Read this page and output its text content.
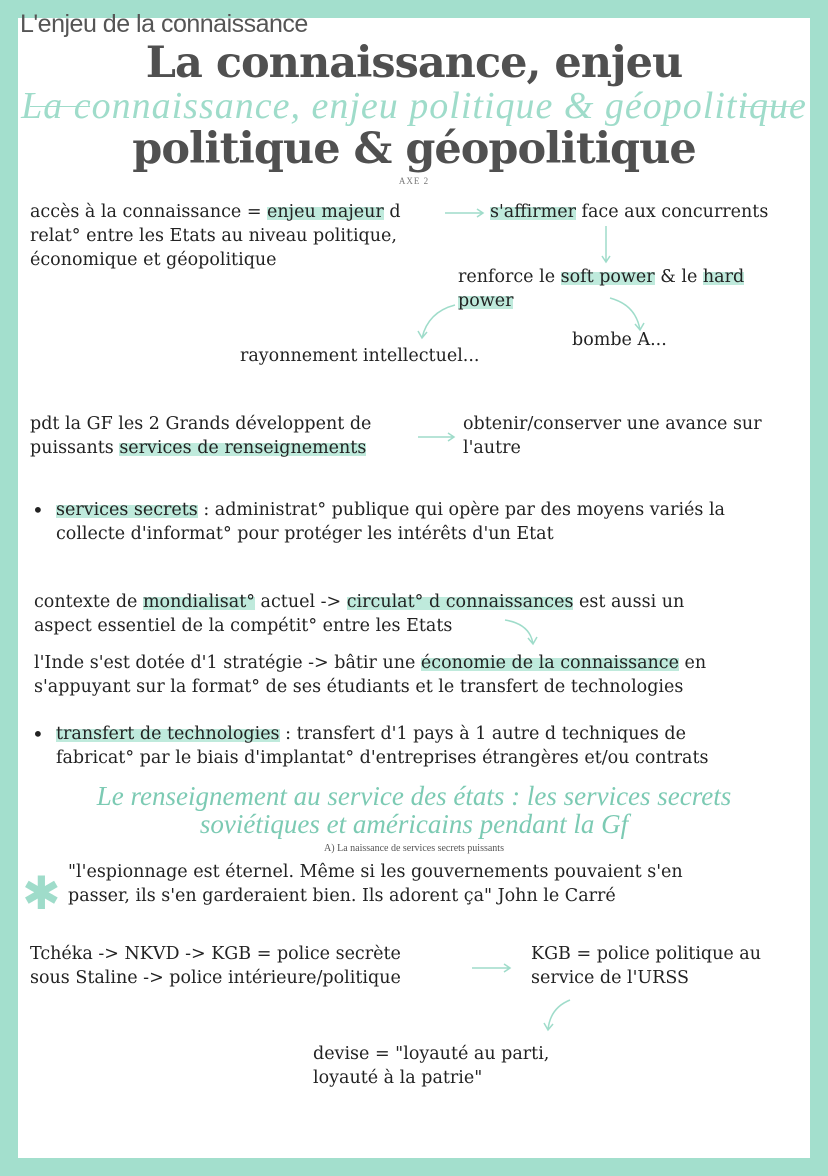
L'enjeu de la connaissance
La connaissance, enjeu
La connaissance, enjeu politique & géopolitique
politique & géopolitique
AXE 2
Le renseignement au service des états : les services secrets
soviétiques et américains pendant la Gf
A) La naissance de services secrets puissants
✱
accès à la connaissance = enjeu majeur d
relat° entre les Etats au niveau politique,
économique et géopolitique
s'affirmer face aux concurrents
renforce le soft power & le hard
power
bombe A...
rayonnement intellectuel...
pdt la GF les 2 Grands développent de
puissants services de renseignements
obtenir/conserver une avance sur
l'autre
• services secrets : administrat° publique qui opère par des moyens variés la
collecte d'informat° pour protéger les intérêts d'un Etat
contexte de mondialisat° actuel -> circulat° d connaissances est aussi un
aspect essentiel de la compétit° entre les Etats
l'Inde s'est dotée d'1 stratégie -> bâtir une économie de la connaissance en
s'appuyant sur la format° de ses étudiants et le transfert de technologies
• transfert de technologies : transfert d'1 pays à 1 autre d techniques de
fabricat° par le biais d'implantat° d'entreprises étrangères et/ou contrats
"l'espionnage est éternel. Même si les gouvernements pouvaient s'en
passer, ils s'en garderaient bien. Ils adorent ça" John le Carré
Tchéka -> NKVD -> KGB = police secrète
sous Staline -> police intérieure/politique
KGB = police politique au
service de l'URSS
devise = "loyauté au parti,
loyauté à la patrie"
